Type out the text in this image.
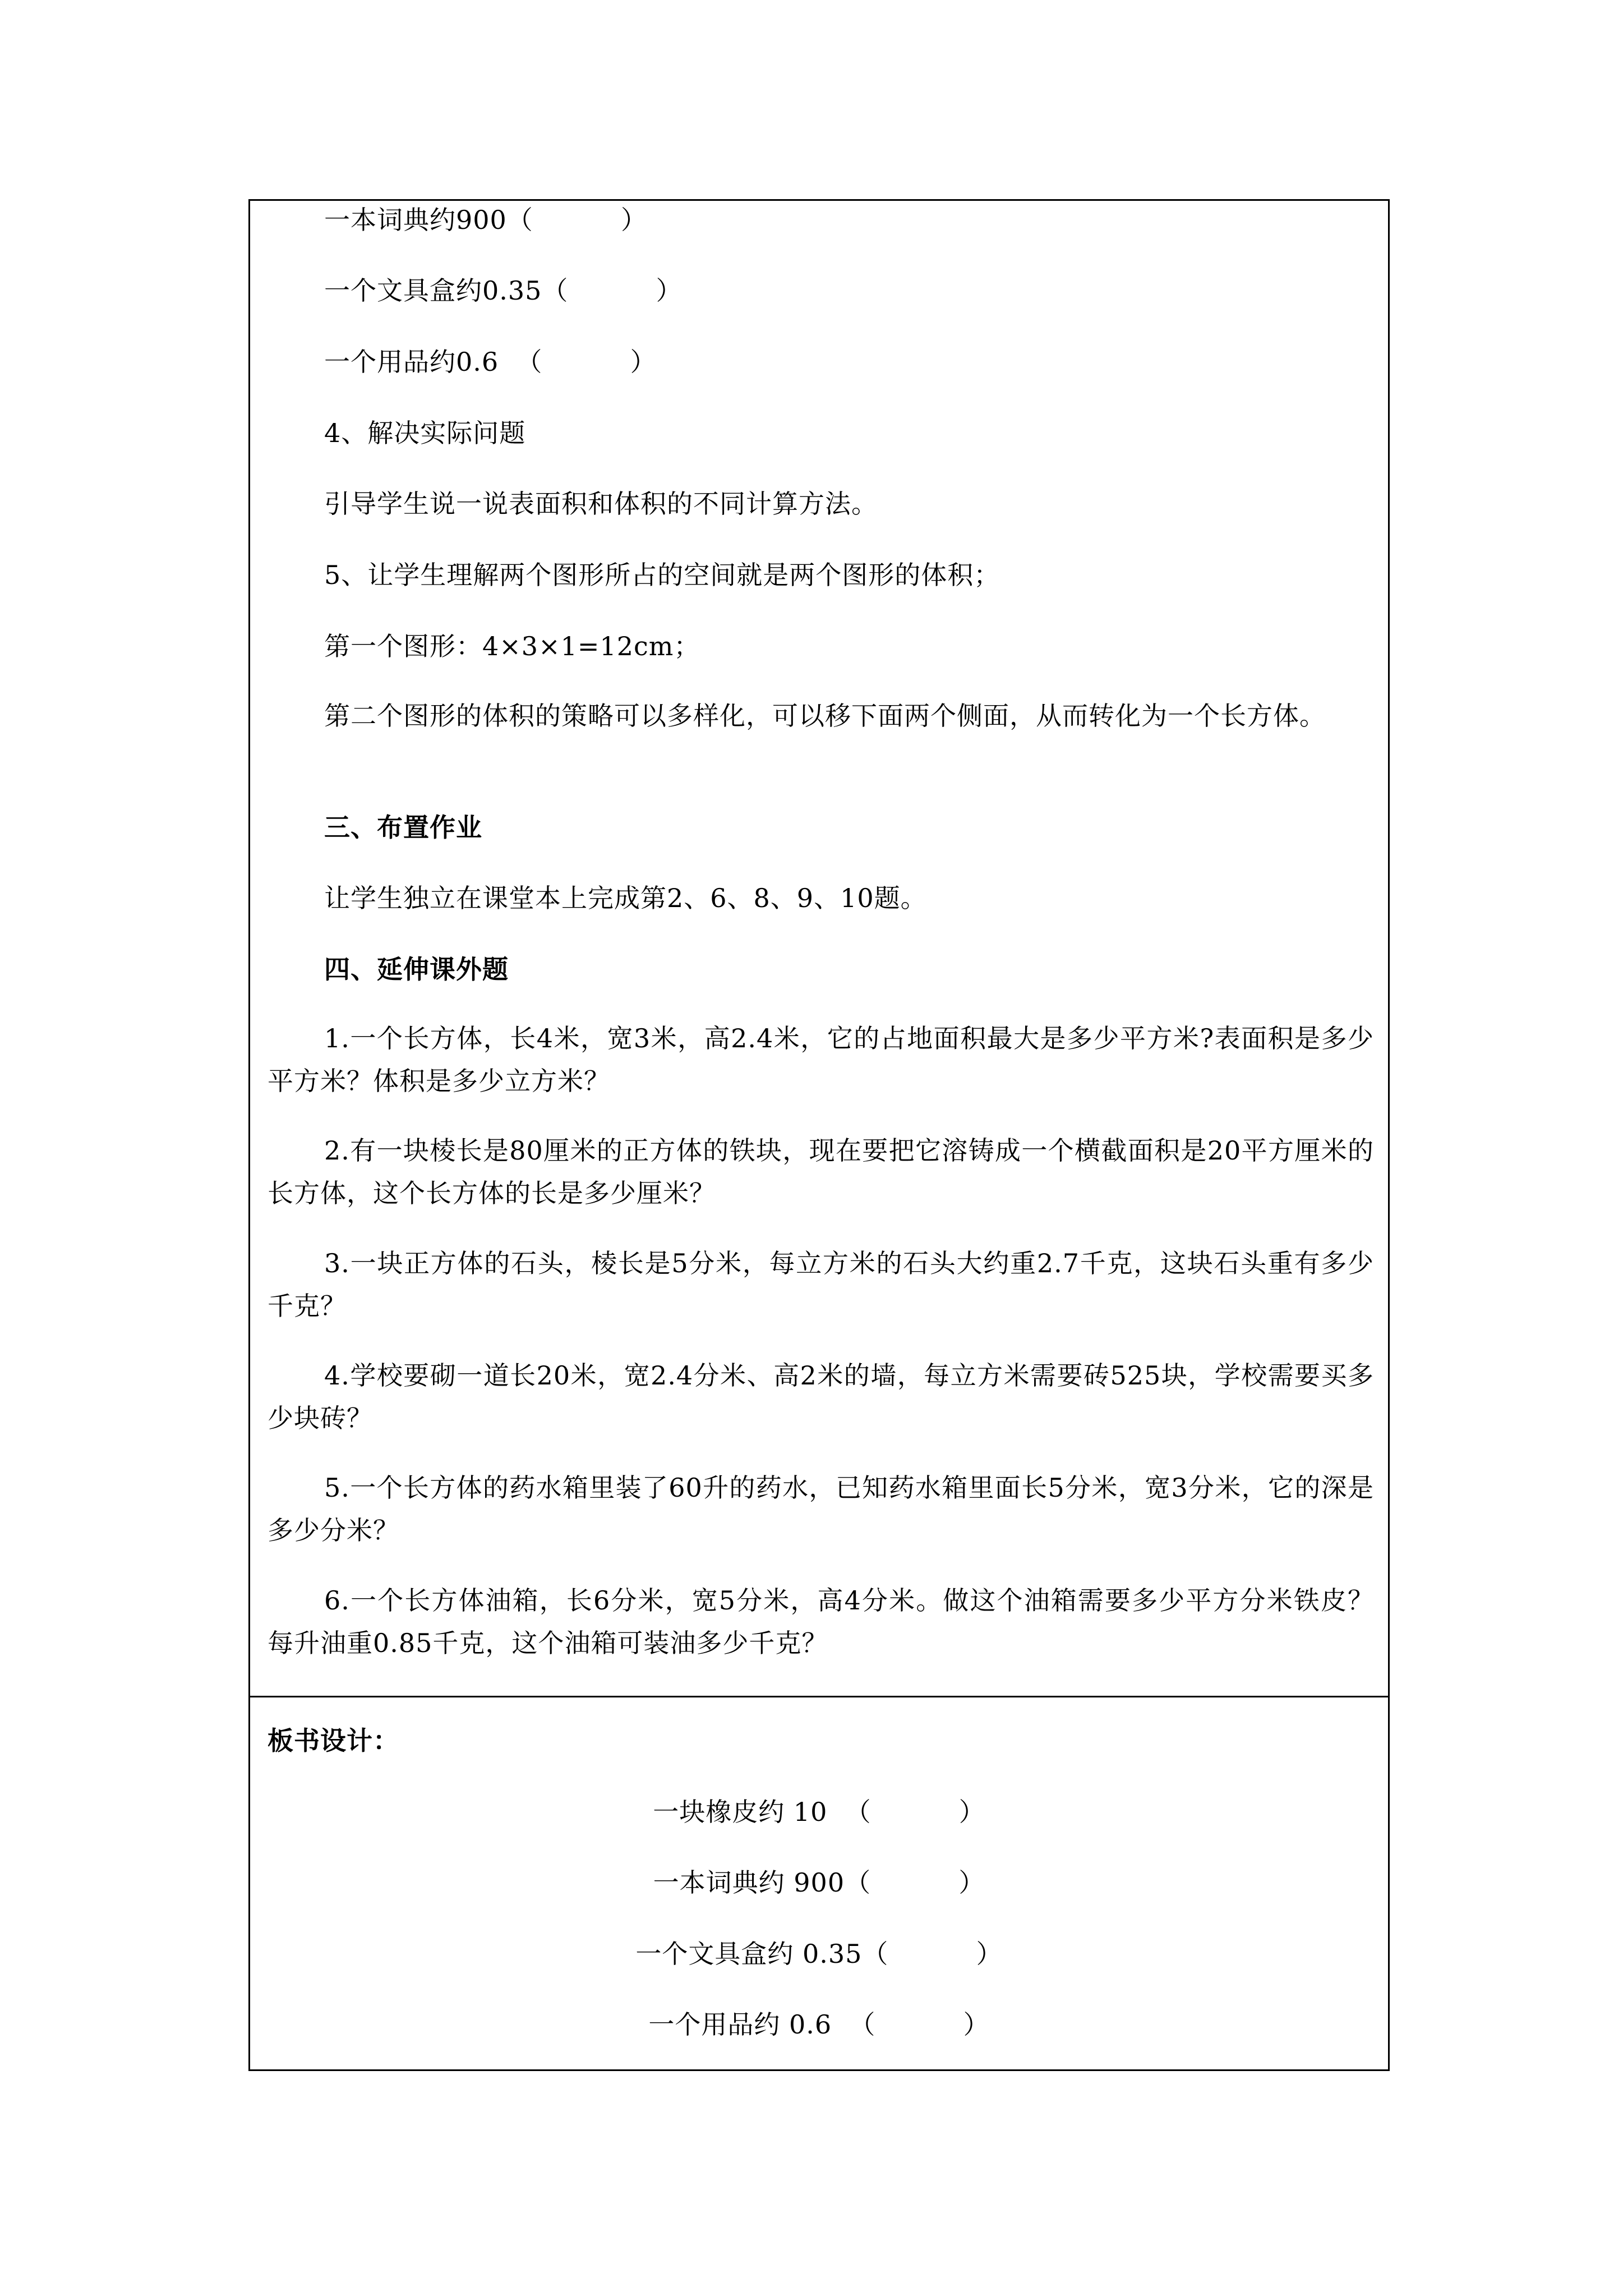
一本词典约900（          ）
一个文具盒约0.35（          ）
一个用品约0.6  （          ）
4、解决实际问题
引导学生说一说表面积和体积的不同计算方法。
5、让学生理解两个图形所占的空间就是两个图形的体积；
第一个图形：4×3×1=12cm；
第二个图形的体积的策略可以多样化，可以移下面两个侧面，从而转化为一个长方体。
三、布置作业
让学生独立在课堂本上完成第2、6、8、9、10题。
四、延伸课外题
1.一个长方体，长4米，宽3米，高2.4米，它的占地面积最大是多少平方米?表面积是多少平方米？体积是多少立方米？
2.有一块棱长是80厘米的正方体的铁块，现在要把它溶铸成一个横截面积是20平方厘米的长方体，这个长方体的长是多少厘米？
3.一块正方体的石头，棱长是5分米，每立方米的石头大约重2.7千克，这块石头重有多少千克？
4.学校要砌一道长20米，宽2.4分米、高2米的墙，每立方米需要砖525块，学校需要买多少块砖？
5.一个长方体的药水箱里装了60升的药水，已知药水箱里面长5分米，宽3分米，它的深是多少分米？
6.一个长方体油箱，长6分米，宽5分米，高4分米。做这个油箱需要多少平方分米铁皮？每升油重0.85千克，这个油箱可装油多少千克？
板书设计：
一块橡皮约 10  （          ）
一本词典约 900（          ）
一个文具盒约 0.35（          ）
一个用品约 0.6  （          ）
